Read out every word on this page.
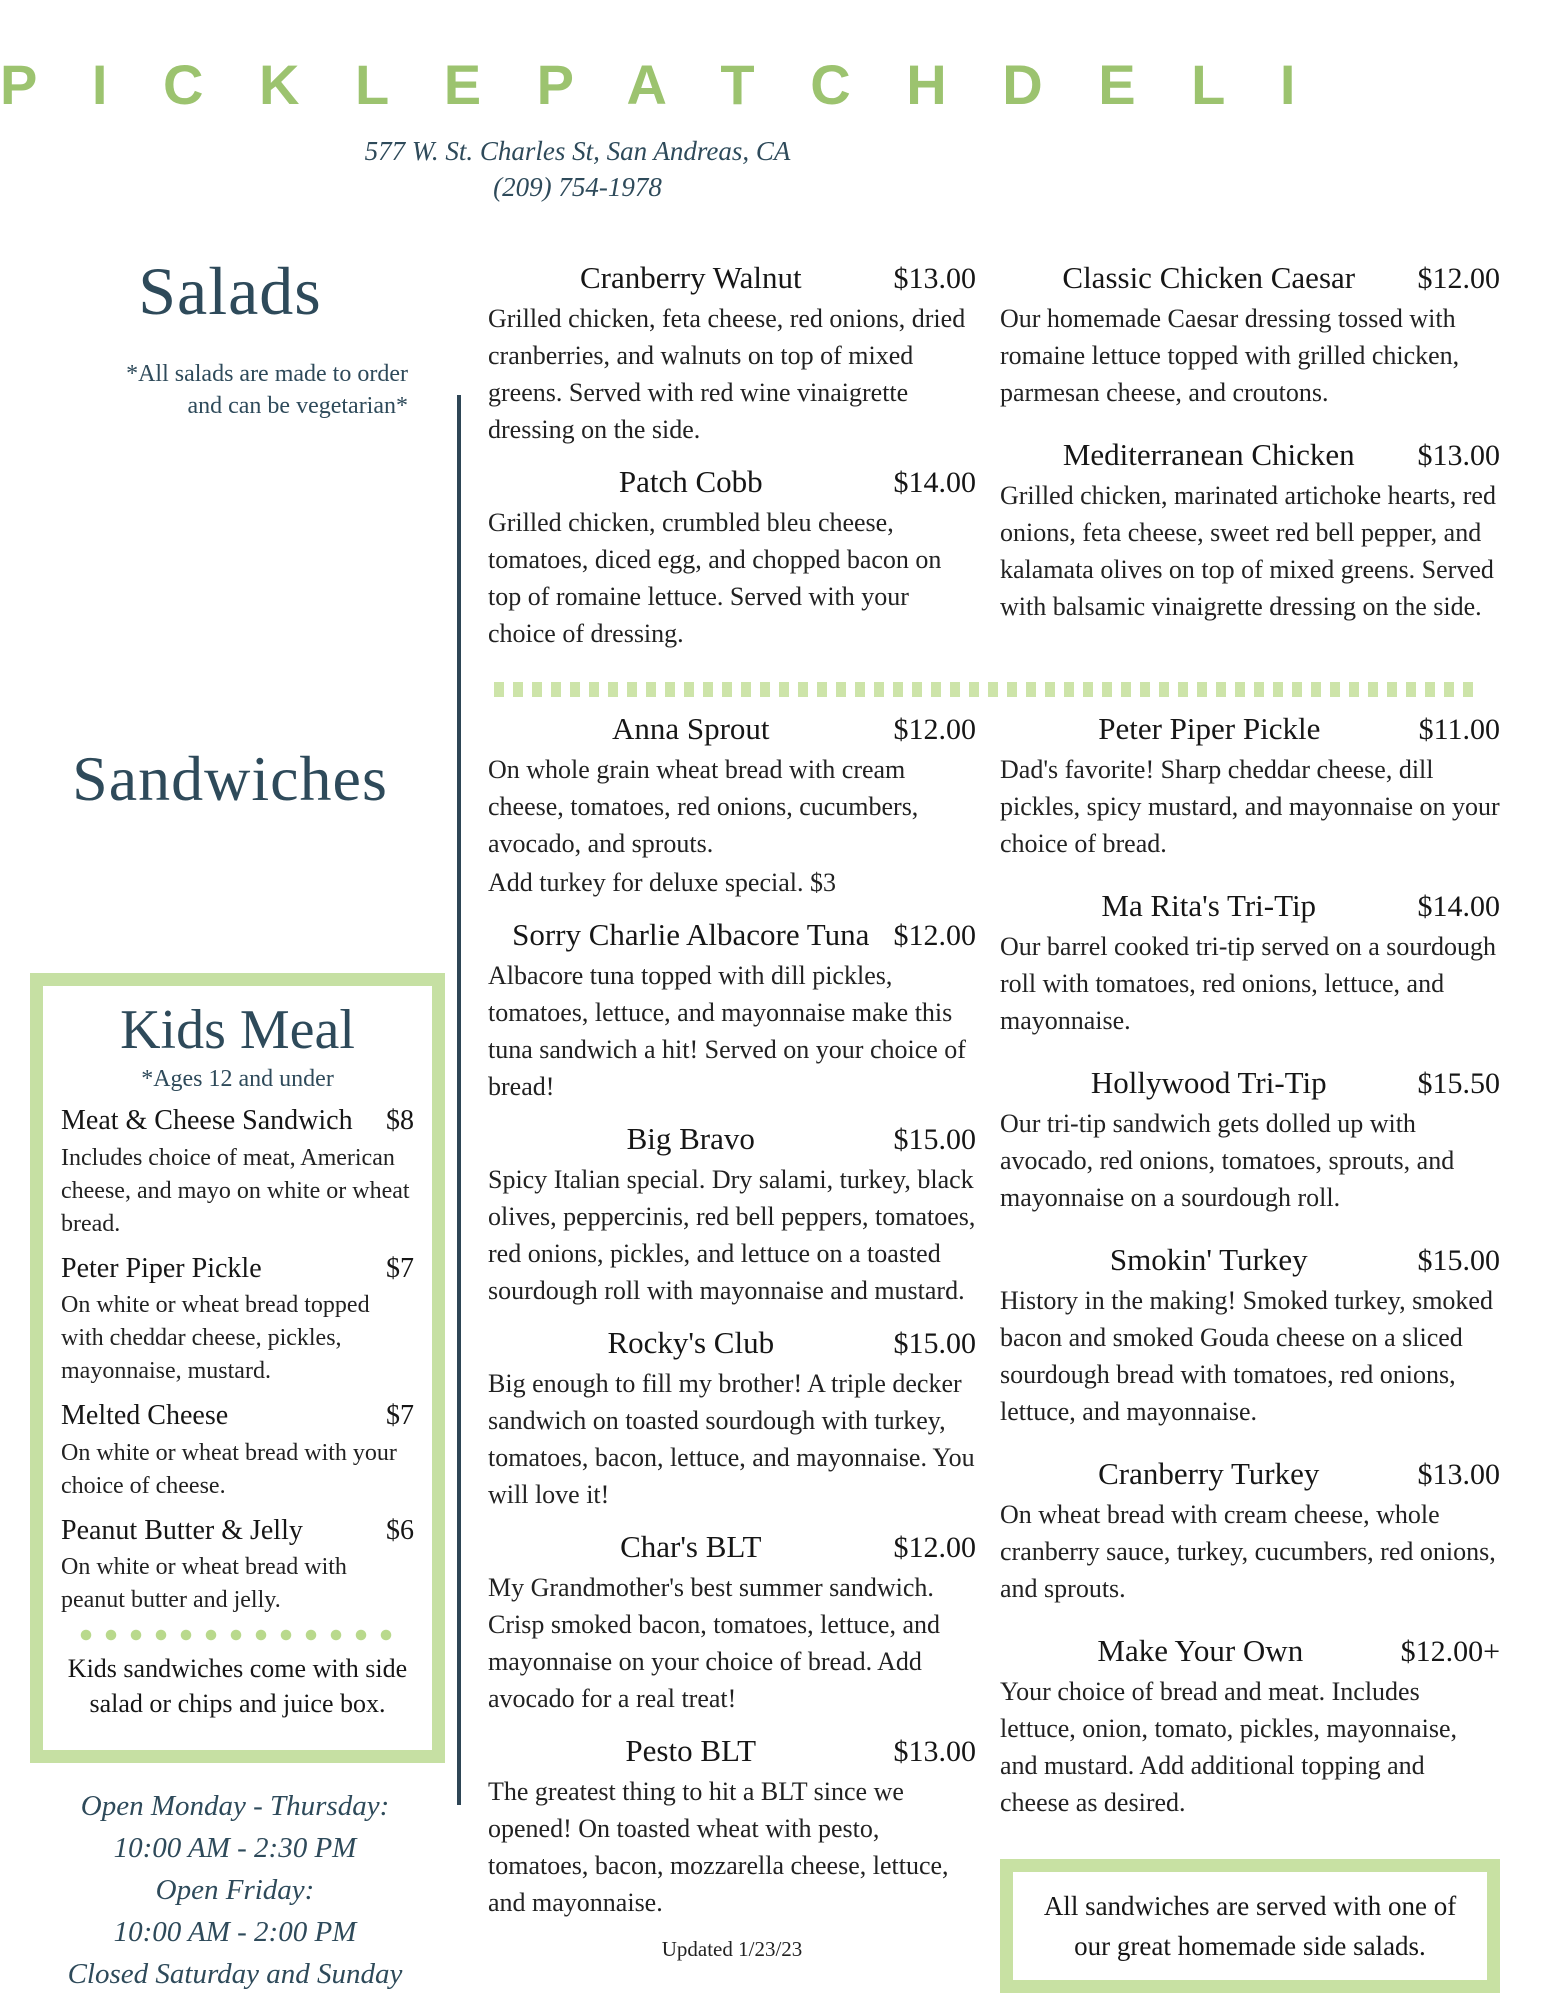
P I C K L E P A T C H D E L I
577 W. St. Charles St, San Andreas, CA
(209) 754-1978
Salads
*All salads are made to order
and can be vegetarian*
Sandwiches
Kids Meal
*Ages 12 and under
Meat & Cheese Sandwich	$8
Includes choice of meat, American cheese, and mayo on white or wheat bread.
Peter Piper Pickle	$7
On white or wheat bread topped with cheddar cheese, pickles, mayonnaise, mustard.
Melted Cheese	$7
On white or wheat bread with your choice of cheese.
Peanut Butter & Jelly	$6
On white or wheat bread with peanut butter and jelly.
Kids sandwiches come with side salad or chips and juice box.
Open Monday - Thursday:
10:00 AM - 2:30 PM
Open Friday:
10:00 AM - 2:00 PM
Closed Saturday and Sunday
Cranberry Walnut	$13.00
Grilled chicken, feta cheese, red onions, dried cranberries, and walnuts on top of mixed greens. Served with red wine vinaigrette dressing on the side.
Patch Cobb	$14.00
Grilled chicken, crumbled bleu cheese, tomatoes, diced egg, and chopped bacon on top of romaine lettuce. Served with your choice of dressing.
Classic Chicken Caesar	$12.00
Our homemade Caesar dressing tossed with romaine lettuce topped with grilled chicken, parmesan cheese, and croutons.
Mediterranean Chicken	$13.00
Grilled chicken, marinated artichoke hearts, red onions, feta cheese, sweet red bell pepper, and kalamata olives on top of mixed greens. Served with balsamic vinaigrette dressing on the side.
Anna Sprout	$12.00
On whole grain wheat bread with cream cheese, tomatoes, red onions, cucumbers, avocado, and sprouts.
Add turkey for deluxe special. $3
Sorry Charlie Albacore Tuna $12.00
Albacore tuna topped with dill pickles, tomatoes, lettuce, and mayonnaise make this tuna sandwich a hit! Served on your choice of bread!
Big Bravo	$15.00
Spicy Italian special. Dry salami, turkey, black olives, peppercinis, red bell peppers, tomatoes, red onions, pickles, and lettuce on a toasted sourdough roll with mayonnaise and mustard.
Rocky's Club	$15.00
Big enough to fill my brother! A triple decker sandwich on toasted sourdough with turkey, tomatoes, bacon, lettuce, and mayonnaise. You will love it!
Char's BLT	$12.00
My Grandmother's best summer sandwich. Crisp smoked bacon, tomatoes, lettuce, and mayonnaise on your choice of bread. Add avocado for a real treat!
Pesto BLT	$13.00
The greatest thing to hit a BLT since we opened! On toasted wheat with pesto, tomatoes, bacon, mozzarella cheese, lettuce, and mayonnaise.
Updated 1/23/23
Peter Piper Pickle	$11.00
Dad's favorite! Sharp cheddar cheese, dill pickles, spicy mustard, and mayonnaise on your choice of bread.
Ma Rita's Tri-Tip	$14.00
Our barrel cooked tri-tip served on a sourdough roll with tomatoes, red onions, lettuce, and mayonnaise.
Hollywood Tri-Tip	$15.50
Our tri-tip sandwich gets dolled up with avocado, red onions, tomatoes, sprouts, and mayonnaise on a sourdough roll.
Smokin' Turkey	$15.00
History in the making! Smoked turkey, smoked bacon and smoked Gouda cheese on a sliced sourdough bread with tomatoes, red onions, lettuce, and mayonnaise.
Cranberry Turkey	$13.00
On wheat bread with cream cheese, whole cranberry sauce, turkey, cucumbers, red onions, and sprouts.
Make Your Own	$12.00+
Your choice of bread and meat. Includes lettuce, onion, tomato, pickles, mayonnaise, and mustard. Add additional topping and cheese as desired.
All sandwiches are served with one of our great homemade side salads.
